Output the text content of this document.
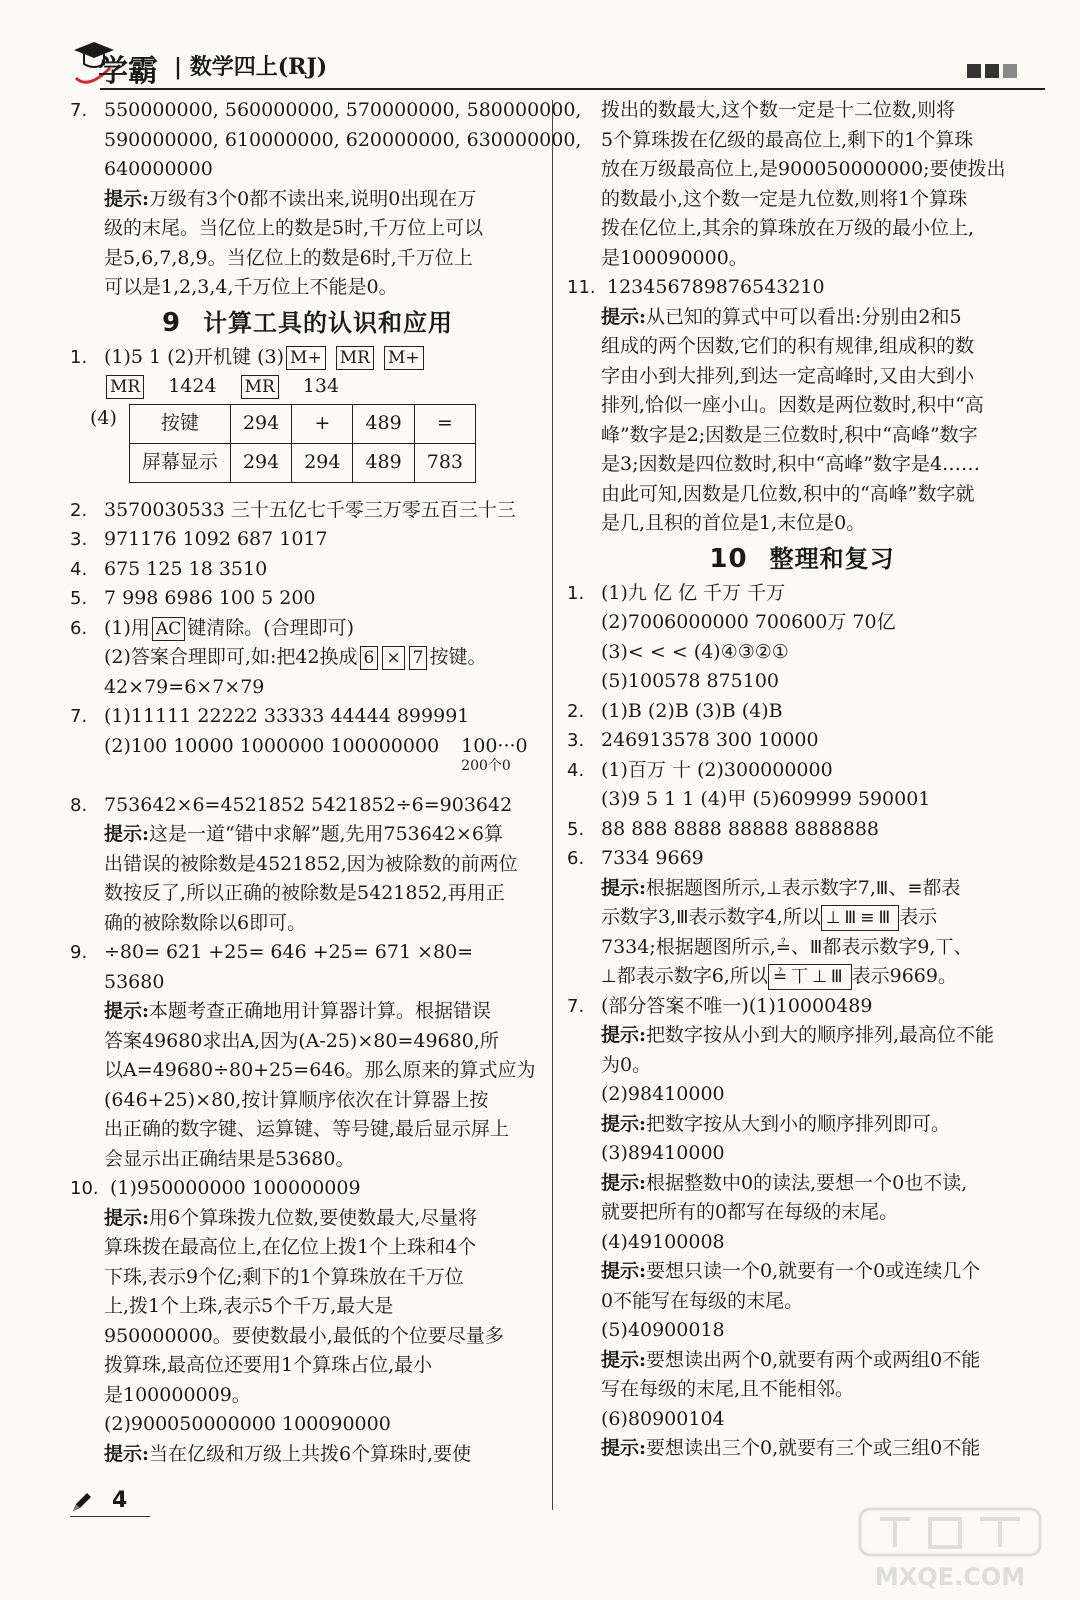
学霸 | 数学四上(RJ)
7. 550000000, 560000000, 570000000, 580000000,
590000000, 610000000, 620000000, 630000000,
640000000
提示:万级有3个0都不读出来,说明0出现在万
级的末尾。当亿位上的数是5时,千万位上可以
是5,6,7,8,9。当亿位上的数是6时,千万位上
可以是1,2,3,4,千万位上不能是0。
9 计算工具的认识和应用
1. (1)5 1 (2)开机键 (3) M+ MR M+
MR 1424 MR 134
(4) 按键	294	+	489	=
屏幕显示	294	294	489	783
2. 3570030533 三十五亿七千零三万零五百三十三
3. 971176 1092 687 1017
4. 675 125 18 3510
5. 7 998 6986 100 5 200
6. (1)用 AC 键清除。(合理即可)
(2)答案合理即可,如:把42换成 6 × 7 按键。
42×79=6×7×79
7. (1)11111 22222 33333 44444 899991
(2)100 10000 1000000 100000000 100···0
200个0
8. 753642×6=4521852 5421852÷6=903642
提示:这是一道“错中求解”题,先用753642×6算
出错误的被除数是4521852,因为被除数的前两位
数按反了,所以正确的被除数是5421852,再用正
确的被除数除以6即可。
9. ÷80= 621 +25= 646 +25= 671 ×80=
53680
提示:本题考查正确地用计算器计算。根据错误
答案49680求出A,因为(A-25)×80=49680,所
以A=49680÷80+25=646。那么原来的算式应为
(646+25)×80,按计算顺序依次在计算器上按
出正确的数字键、运算键、等号键,最后显示屏上
会显示出正确结果是53680。
10. (1)950000000 100000009
提示:用6个算珠拨九位数,要使数最大,尽量将
算珠拨在最高位上,在亿位上拨1个上珠和4个
下珠,表示9个亿;剩下的1个算珠放在千万位
上,拨1个上珠,表示5个千万,最大是
950000000。要使数最小,最低的个位要尽量多
拨算珠,最高位还要用1个算珠占位,最小
是100000009。
(2)900050000000 100090000
提示:当在亿级和万级上共拨6个算珠时,要使
拨出的数最大,这个数一定是十二位数,则将
5个算珠拨在亿级的最高位上,剩下的1个算珠
放在万级最高位上,是900050000000;要使拨出
的数最小,这个数一定是九位数,则将1个算珠
拨在亿位上,其余的算珠放在万级的最小位上,
是100090000。
11. 123456789876543210
提示:从已知的算式中可以看出:分别由2和5
组成的两个因数,它们的积有规律,组成积的数
字由小到大排列,到达一定高峰时,又由大到小
排列,恰似一座小山。因数是两位数时,积中“高
峰”数字是2;因数是三位数时,积中“高峰”数字
是3;因数是四位数时,积中“高峰”数字是4……
由此可知,因数是几位数,积中的“高峰”数字就
是几,且积的首位是1,末位是0。
10 整理和复习
1. (1)九 亿 亿 千万 千万
(2)7006000000 700600万 70亿
(3)< < < (4)④③②①
(5)100578 875100
2. (1)B (2)B (3)B (4)B
3. 246913578 300 10000
4. (1)百万 十 (2)300000000
(3)9 5 1 1 (4)甲 (5)609999 590001
5. 88 888 8888 88888 8888888
6. 7334 9669
提示:根据题图所示,⊥表示数字7,Ⅲ、≡都表
示数字3,Ⅲ表示数字4,所以 ⊥Ⅲ≡Ⅲ 表示
7334;根据题图所示,≟、Ⅲ都表示数字9,丅、
⊥都表示数字6,所以 ≟丅⊥Ⅲ 表示9669。
7. (部分答案不唯一)(1)10000489
提示:把数字按从小到大的顺序排列,最高位不能
为0。
(2)98410000
提示:把数字按从大到小的顺序排列即可。
(3)89410000
提示:根据整数中0的读法,要想一个0也不读,
就要把所有的0都写在每级的末尾。
(4)49100008
提示:要想只读一个0,就要有一个0或连续几个
0不能写在每级的末尾。
(5)40900018
提示:要想读出两个0,就要有两个或两组0不能
写在每级的末尾,且不能相邻。
(6)80900104
提示:要想读出三个0,就要有三个或三组0不能
4
MXQE.COM
